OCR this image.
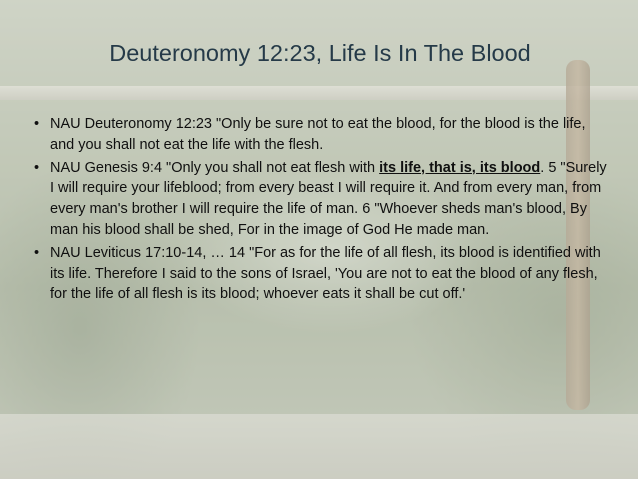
Deuteronomy 12:23, Life Is In The Blood
• NAU Deuteronomy 12:23 "Only be sure not to eat the blood, for the blood is the life, and you shall not eat the life with the flesh.
• NAU Genesis 9:4 "Only you shall not eat flesh with its life, that is, its blood. 5 "Surely I will require your lifeblood; from every beast I will require it. And from every man, from every man's brother I will require the life of man. 6 "Whoever sheds man's blood, By man his blood shall be shed, For in the image of God He made man.
• NAU Leviticus 17:10-14, … 14 "For as for the life of all flesh, its blood is identified with its life. Therefore I said to the sons of Israel, 'You are not to eat the blood of any flesh, for the life of all flesh is its blood; whoever eats it shall be cut off.'
